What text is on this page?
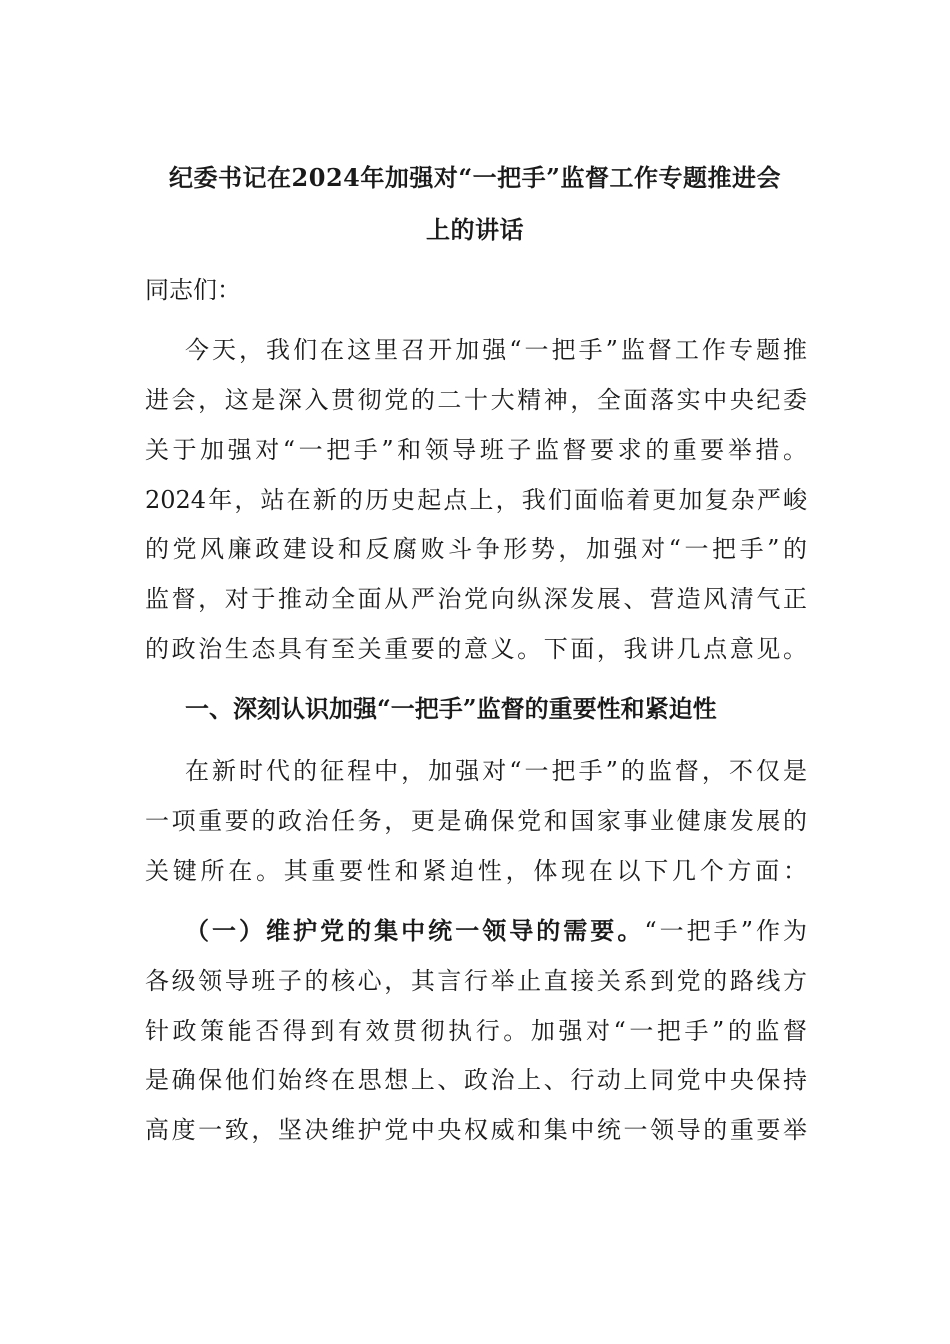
纪委书记在2024年加强对“一把手”监督工作专题推进会
上的讲话
同志们：
今天，我们在这里召开加强“一把手”监督工作专题推
进会，这是深入贯彻党的二十大精神，全面落实中央纪委
关于加强对“一把手”和领导班子监督要求的重要举措。
2024年，站在新的历史起点上，我们面临着更加复杂严峻
的党风廉政建设和反腐败斗争形势，加强对“一把手”的
监督，对于推动全面从严治党向纵深发展、营造风清气正
的政治生态具有至关重要的意义。下面，我讲几点意见。
一、深刻认识加强“一把手”监督的重要性和紧迫性
在新时代的征程中，加强对“一把手”的监督，不仅是
一项重要的政治任务，更是确保党和国家事业健康发展的
关键所在。其重要性和紧迫性，体现在以下几个方面：
（一）维护党的集中统一领导的需要。“一把手”作为
各级领导班子的核心，其言行举止直接关系到党的路线方
针政策能否得到有效贯彻执行。加强对“一把手”的监督
是确保他们始终在思想上、政治上、行动上同党中央保持
高度一致，坚决维护党中央权威和集中统一领导的重要举
